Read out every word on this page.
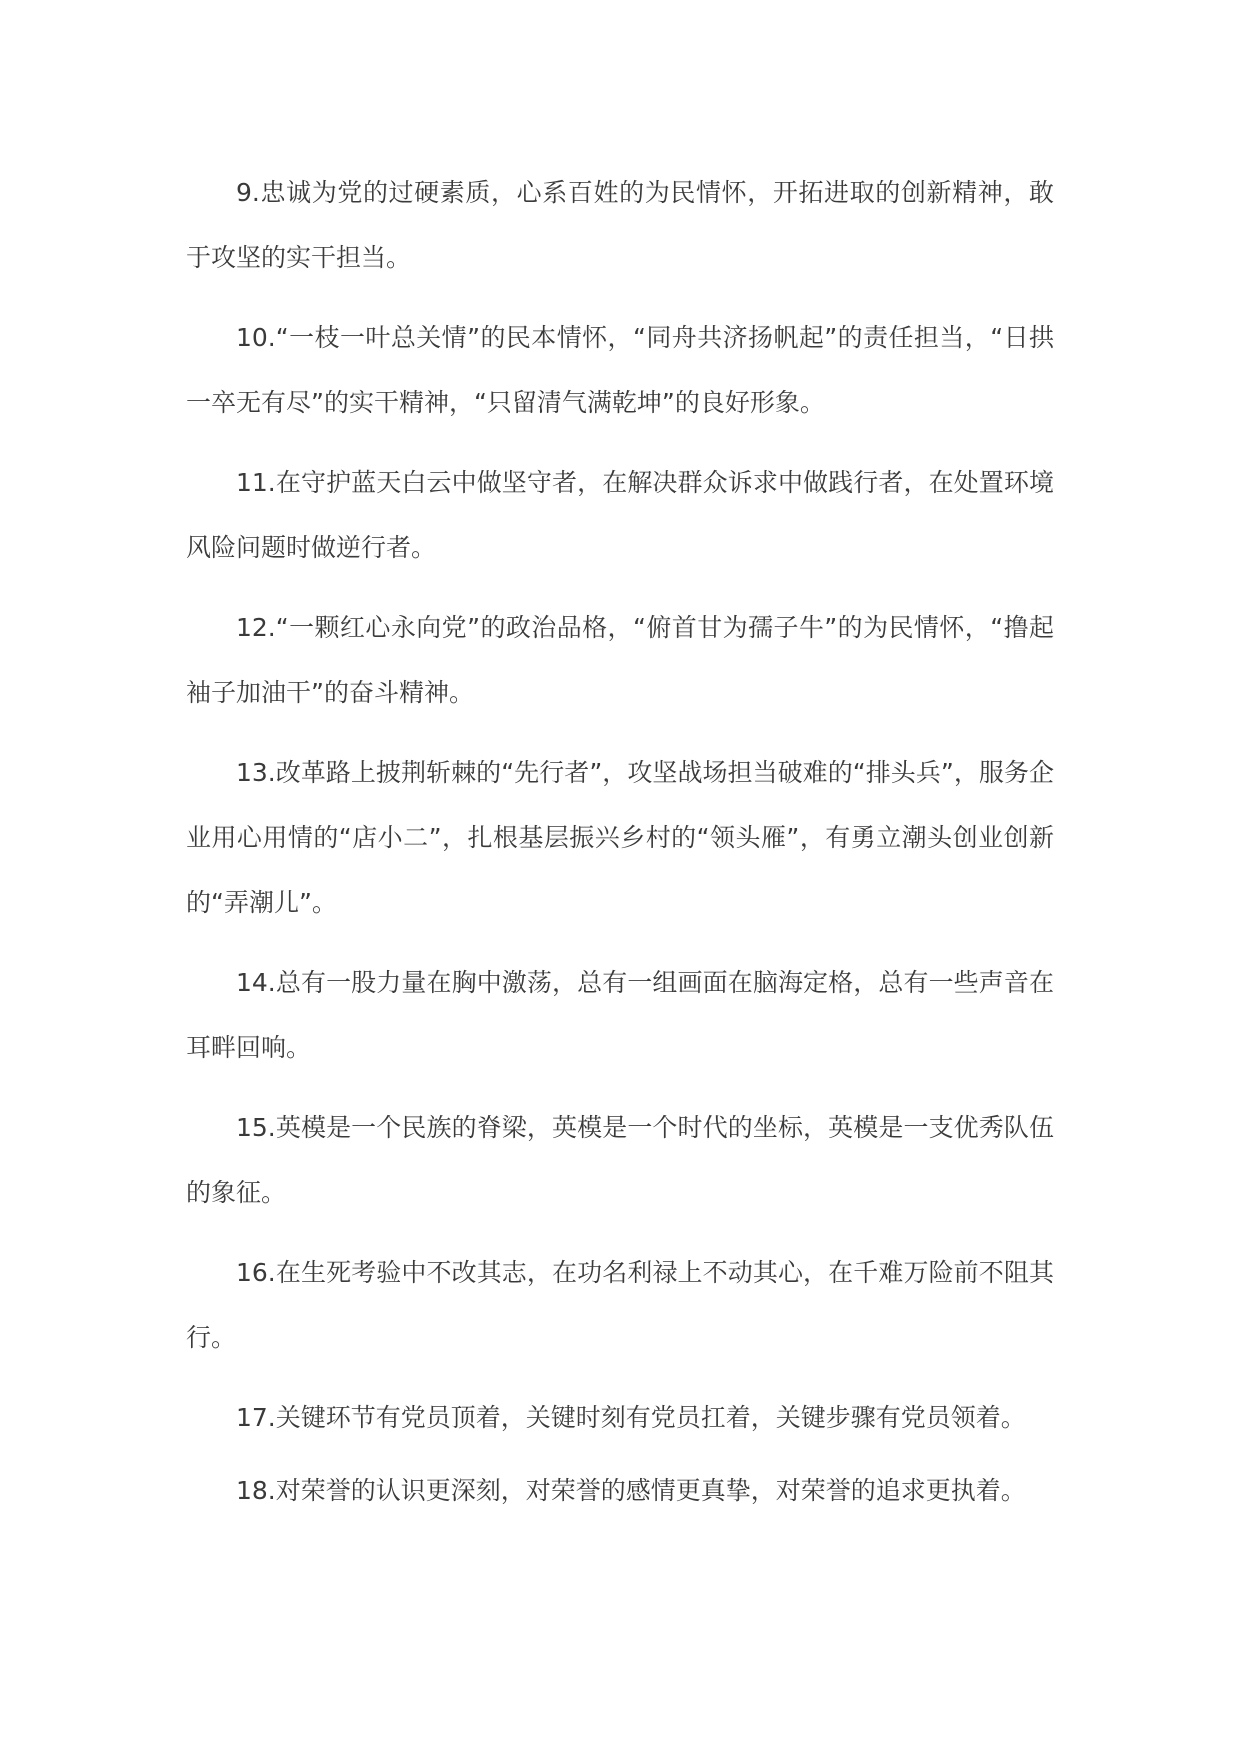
9.忠诚为党的过硬素质，心系百姓的为民情怀，开拓进取的创新精神，敢于攻坚的实干担当。

10.“一枝一叶总关情”的民本情怀，“同舟共济扬帆起”的责任担当，“日拱一卒无有尽”的实干精神，“只留清气满乾坤”的良好形象。

11.在守护蓝天白云中做坚守者，在解决群众诉求中做践行者，在处置环境风险问题时做逆行者。

12.“一颗红心永向党”的政治品格，“俯首甘为孺子牛”的为民情怀，“撸起袖子加油干”的奋斗精神。

13.改革路上披荆斩棘的“先行者”，攻坚战场担当破难的“排头兵”，服务企业用心用情的“店小二”，扎根基层振兴乡村的“领头雁”，有勇立潮头创业创新的“弄潮儿”。

14.总有一股力量在胸中激荡，总有一组画面在脑海定格，总有一些声音在耳畔回响。

15.英模是一个民族的脊梁，英模是一个时代的坐标，英模是一支优秀队伍的象征。

16.在生死考验中不改其志，在功名利禄上不动其心，在千难万险前不阻其行。

17.关键环节有党员顶着，关键时刻有党员扛着，关键步骤有党员领着。

18.对荣誉的认识更深刻，对荣誉的感情更真挚，对荣誉的追求更执着。
